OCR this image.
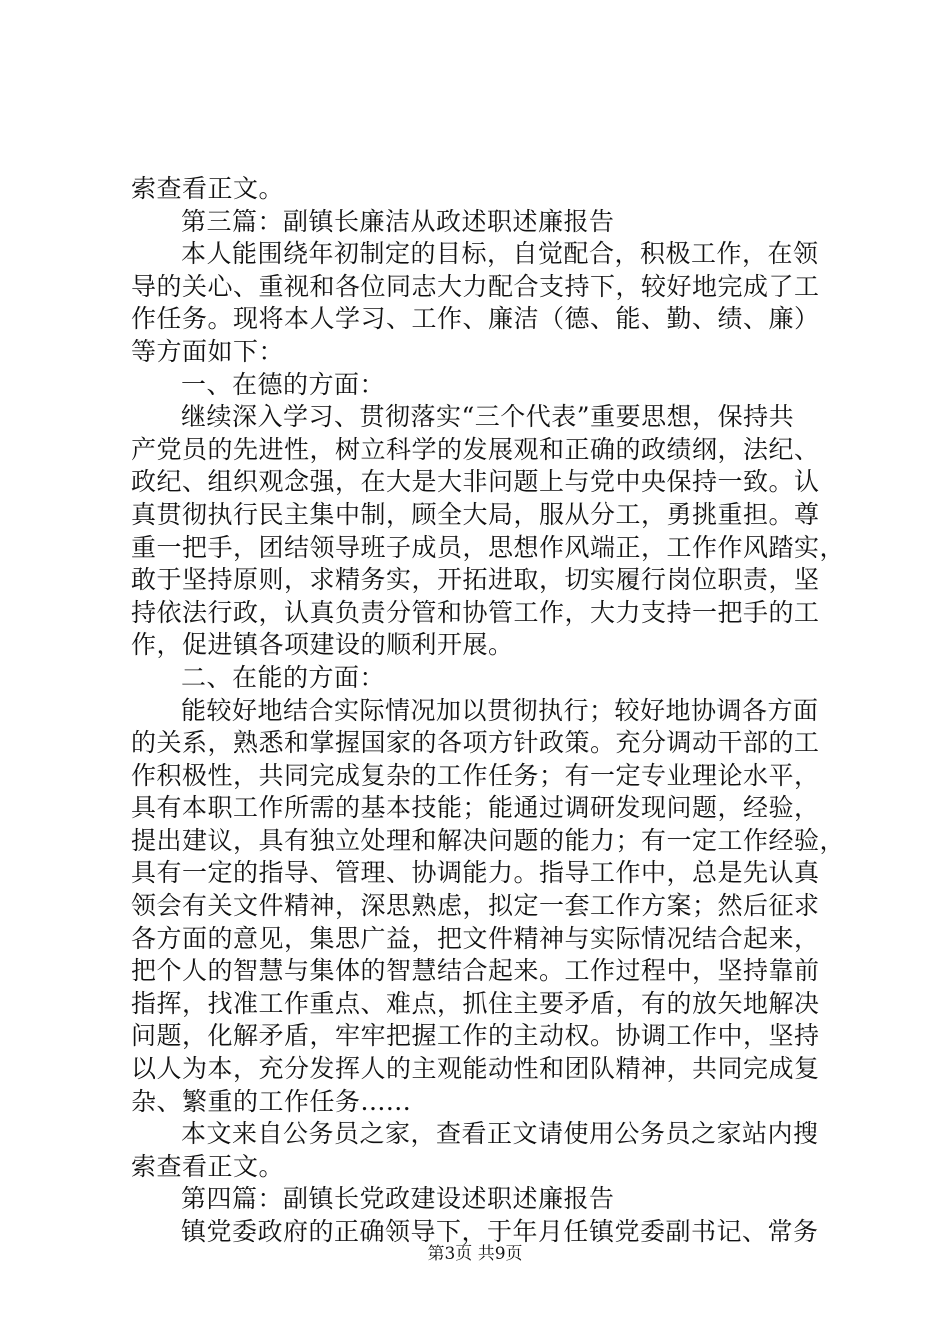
索查看正文。
第三篇：副镇长廉洁从政述职述廉报告
本人能围绕年初制定的目标，自觉配合，积极工作，在领
导的关心、重视和各位同志大力配合支持下，较好地完成了工
作任务。现将本人学习、工作、廉洁（德、能、勤、绩、廉）
等方面如下：
一、在德的方面：
继续深入学习、贯彻落实“三个代表”重要思想，保持共
产党员的先进性，树立科学的发展观和正确的政绩纲，法纪、
政纪、组织观念强，在大是大非问题上与党中央保持一致。认
真贯彻执行民主集中制，顾全大局，服从分工，勇挑重担。尊
重一把手，团结领导班子成员，思想作风端正，工作作风踏实，
敢于坚持原则，求精务实，开拓进取，切实履行岗位职责，坚
持依法行政，认真负责分管和协管工作，大力支持一把手的工
作，促进镇各项建设的顺利开展。
二、在能的方面：
能较好地结合实际情况加以贯彻执行；较好地协调各方面
的关系，熟悉和掌握国家的各项方针政策。充分调动干部的工
作积极性，共同完成复杂的工作任务；有一定专业理论水平，
具有本职工作所需的基本技能；能通过调研发现问题，经验，
提出建议，具有独立处理和解决问题的能力；有一定工作经验，
具有一定的指导、管理、协调能力。指导工作中，总是先认真
领会有关文件精神，深思熟虑，拟定一套工作方案；然后征求
各方面的意见，集思广益，把文件精神与实际情况结合起来，
把个人的智慧与集体的智慧结合起来。工作过程中，坚持靠前
指挥，找准工作重点、难点，抓住主要矛盾，有的放矢地解决
问题，化解矛盾，牢牢把握工作的主动权。协调工作中，坚持
以人为本，充分发挥人的主观能动性和团队精神，共同完成复
杂、繁重的工作任务......
本文来自公务员之家，查看正文请使用公务员之家站内搜
索查看正文。
第四篇：副镇长党政建设述职述廉报告
镇党委政府的正确领导下，于年月任镇党委副书记、常务
第3页 共9页
